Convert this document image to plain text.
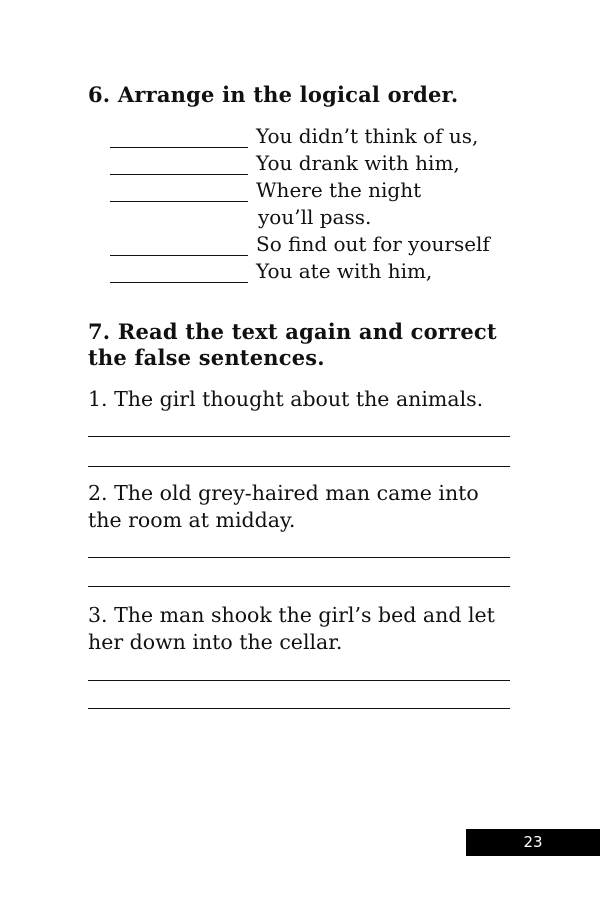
6. Arrange in the logical order.
You didn’t think of us,
You drank with him,
Where the night
you’ll pass.
So find out for yourself
You ate with him,
7. Read the text again and correct the false sentences.

1. The girl thought about the animals.

2. The old grey-haired man came into the room at midday.

3. The man shook the girl’s bed and let her down into the cellar.

23
